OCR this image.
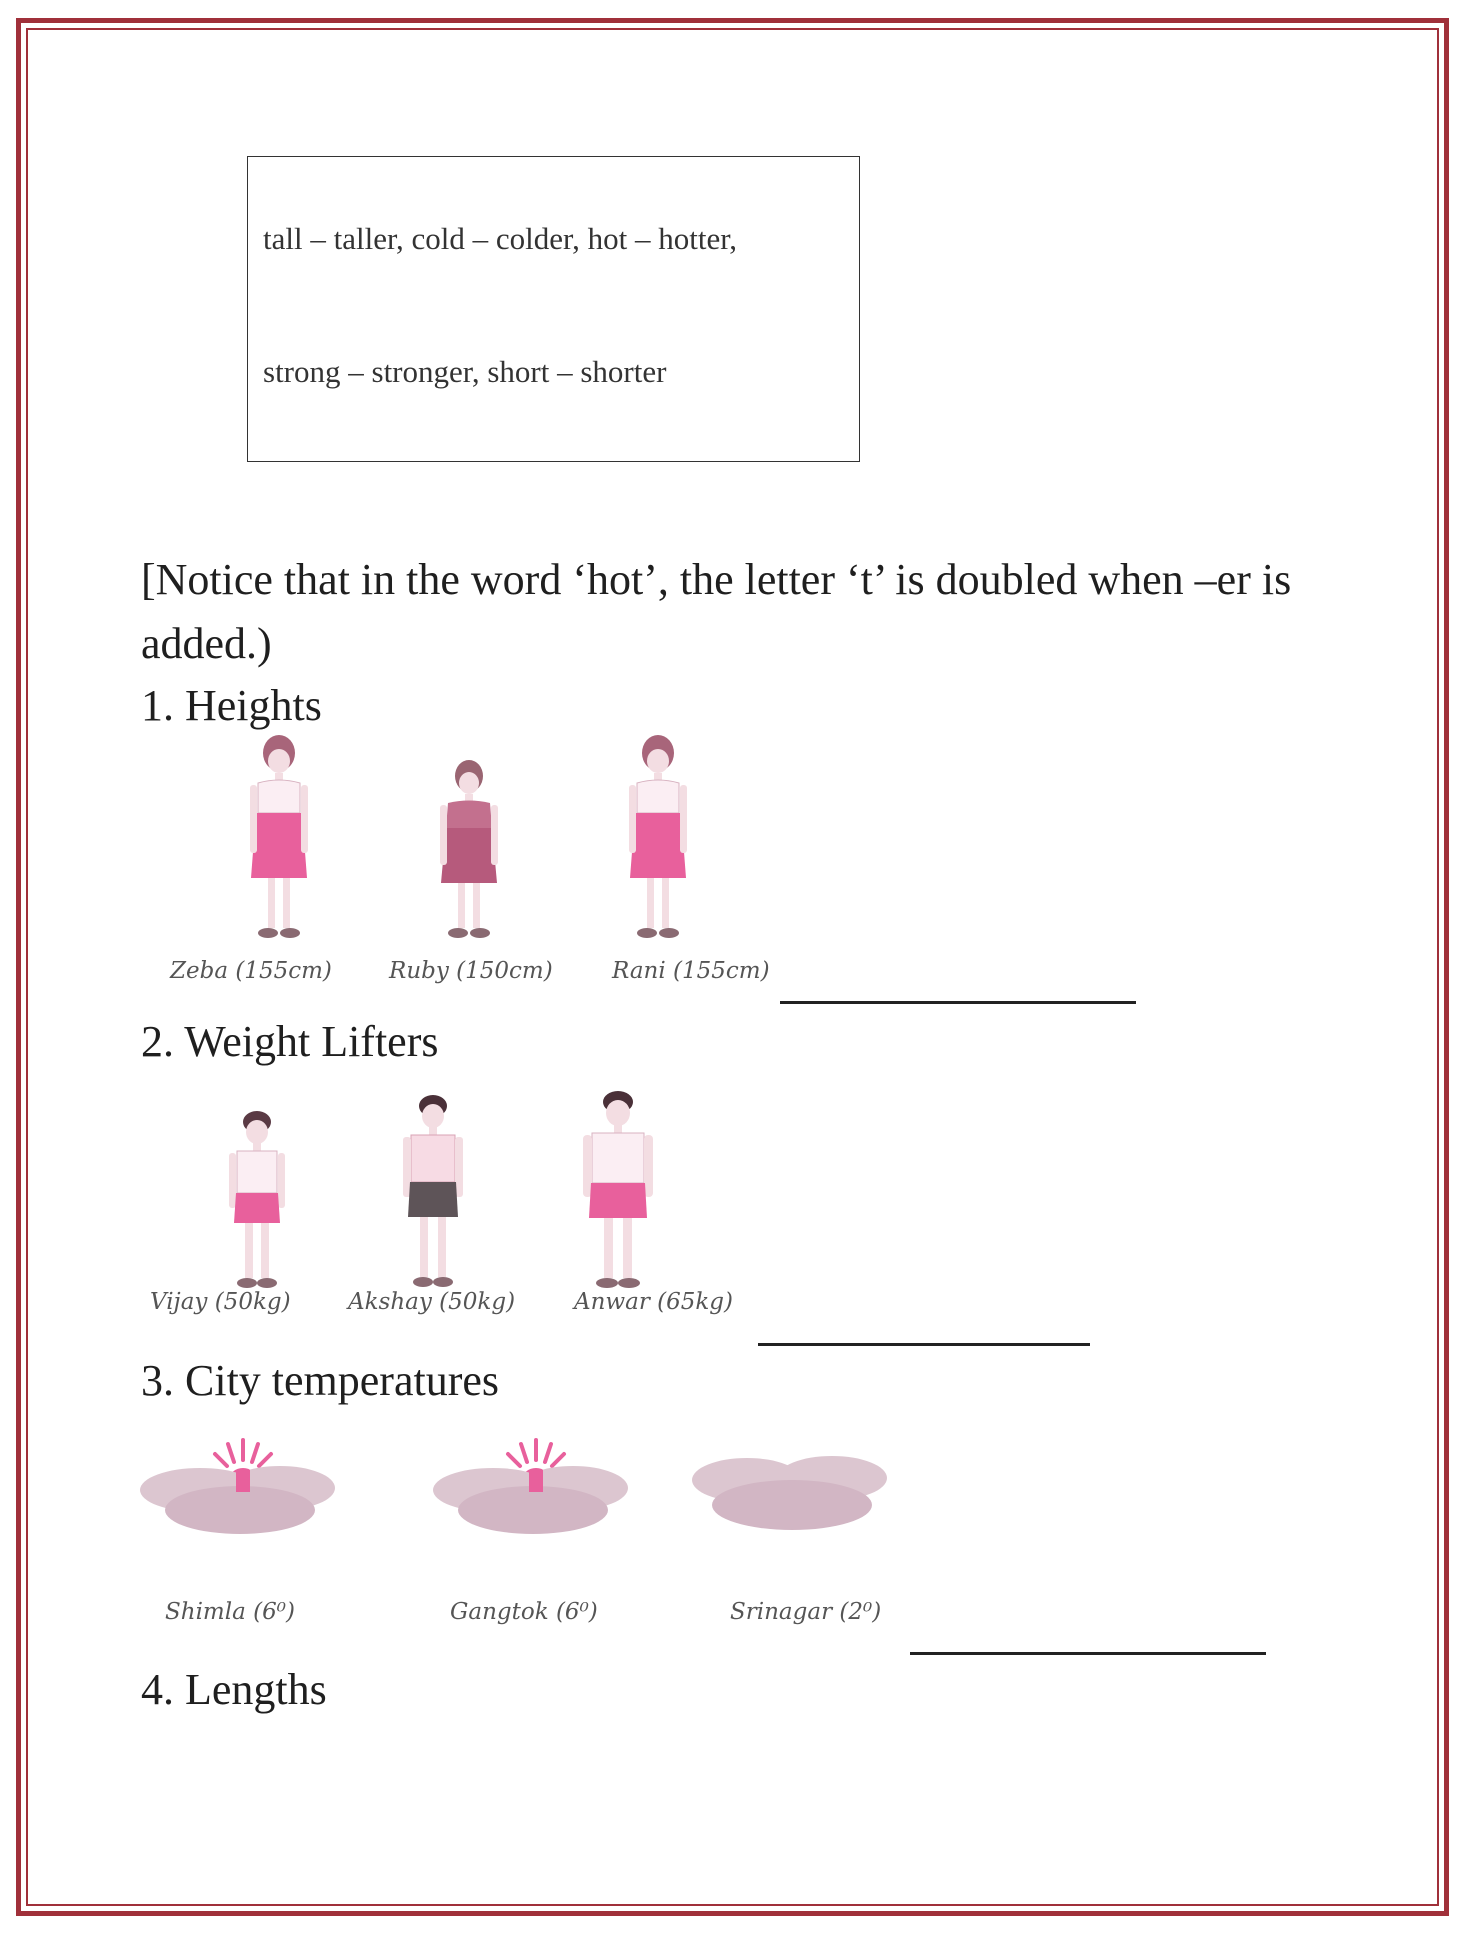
tall – taller, cold – colder, hot – hotter,
strong – stronger, short – shorter
[Notice that in the word ‘hot’, the letter ‘t’ is doubled when –er is added.)
1. Heights
Zeba (155cm) Ruby (150cm)	Rani (155cm)
2. Weight Lifters
Vijay (50kg) Akshay (50kg)	Anwar (65kg)
3. City temperatures
Shimla (6⁰)	Gangtok (6⁰)	Srinagar (2⁰)
4. Lengths
